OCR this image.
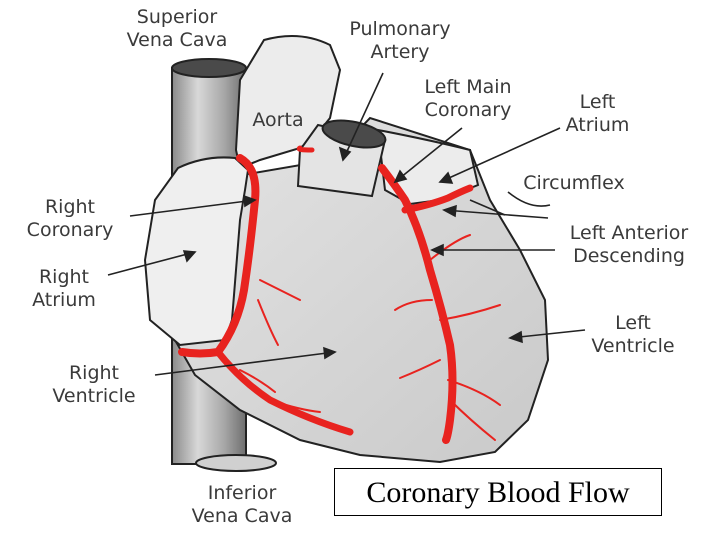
Superior
Vena Cava	Pulmonary
Artery
Left Main
Coronary	Left
Atrium
Aorta
Circumflex
Right
Coronary	Left Anterior
Descending
Right
Atrium
Left
Ventricle
Right
Ventricle
Inferior
Vena Cava
Coronary Blood Flow
